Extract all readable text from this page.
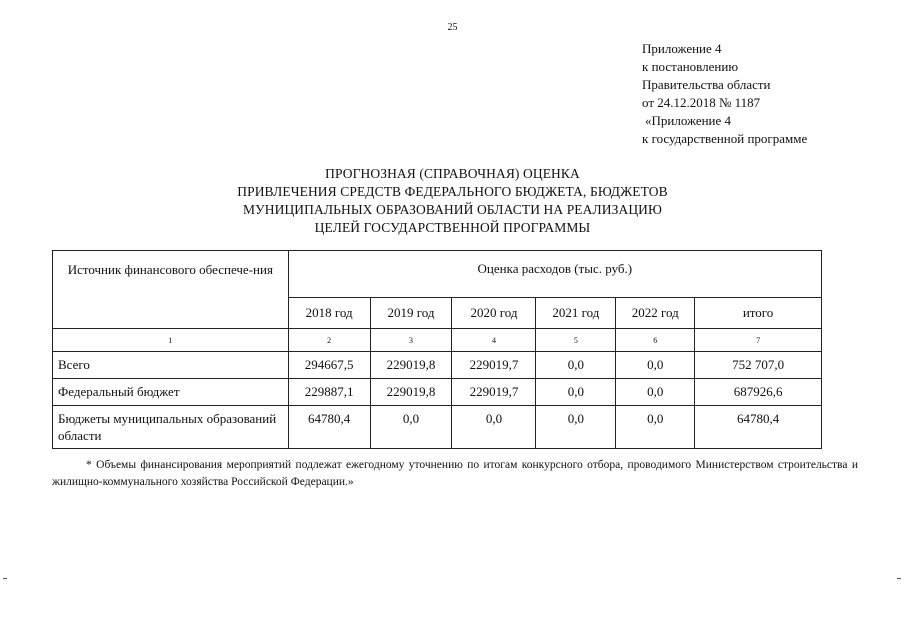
25
Приложение 4
к постановлению
Правительства области
от 24.12.2018 № 1187
«Приложение 4
к государственной программе
ПРОГНОЗНАЯ (СПРАВОЧНАЯ) ОЦЕНКА
ПРИВЛЕЧЕНИЯ СРЕДСТВ ФЕДЕРАЛЬНОГО БЮДЖЕТА, БЮДЖЕТОВ
МУНИЦИПАЛЬНЫХ ОБРАЗОВАНИЙ ОБЛАСТИ НА РЕАЛИЗАЦИЮ
ЦЕЛЕЙ ГОСУДАРСТВЕННОЙ ПРОГРАММЫ
Источник финансового обеспече-ния	Оценка расходов (тыс. руб.)					
	2018 год	2019 год	2020 год	2021 год	2022 год	итого
1	2	3	4	5	6	7
Всего	294667,5	229019,8	229019,7	0,0	0,0	752 707,0
Федеральный бюджет	229887,1	229019,8	229019,7	0,0	0,0	687926,6
Бюджеты муниципальных образований области	64780,4	0,0	0,0	0,0	0,0	64780,4
* Объемы финансирования мероприятий подлежат ежегодному уточнению по итогам конкурсного отбора, проводимого Министерством строительства и жилищно-коммунального хозяйства Российской Федерации.»
